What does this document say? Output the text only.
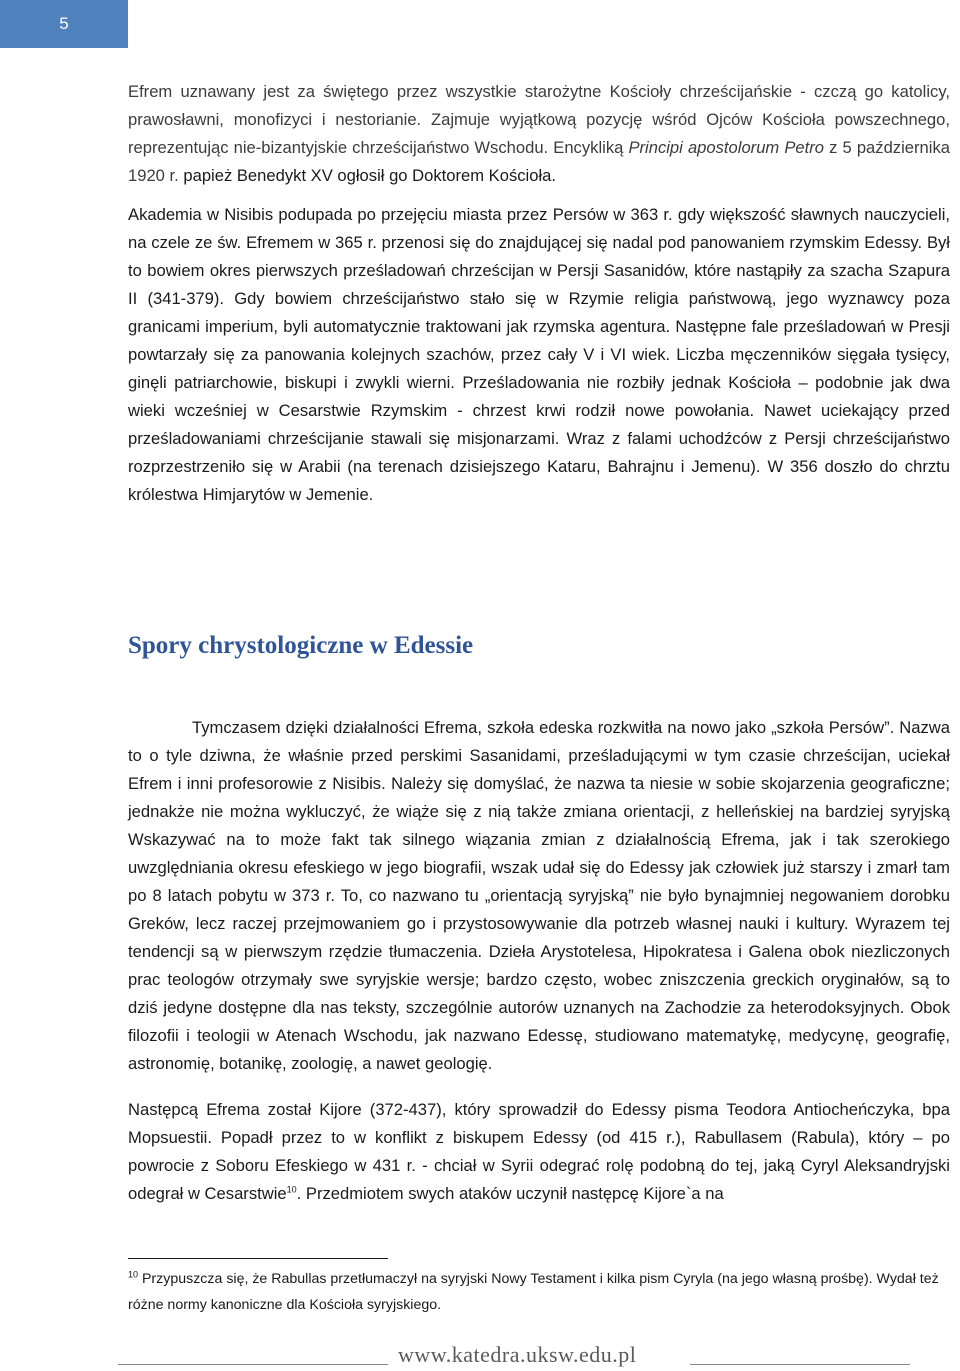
5

Efrem uznawany jest za świętego przez wszystkie starożytne Kościoły chrześcijańskie - czczą go katolicy, prawosławni, monofizyci i nestorianie. Zajmuje wyjątkową pozycję wśród Ojców Kościoła powszechnego, reprezentując nie-bizantyjskie chrześcijaństwo Wschodu. Encykliką Principi apostolorum Petro z 5 października 1920 r. papież Benedykt XV ogłosił go Doktorem Kościoła.

Akademia w Nisibis podupada po przejęciu miasta przez Persów w 363 r. gdy większość sławnych nauczycieli, na czele ze św. Efremem w 365 r. przenosi się do znajdującej się nadal pod panowaniem rzymskim Edessy. Był to bowiem okres pierwszych prześladowań chrześcijan w Persji Sasanidów, które nastąpiły za szacha Szapura II (341-379). Gdy bowiem chrześcijaństwo stało się w Rzymie religia państwową, jego wyznawcy poza granicami imperium, byli automatycznie traktowani jak rzymska agentura. Następne fale prześladowań w Presji powtarzały się za panowania kolejnych szachów, przez cały V i VI wiek. Liczba męczenników sięgała tysięcy, ginęli patriarchowie, biskupi i zwykli wierni. Prześladowania nie rozbiły jednak Kościoła – podobnie jak dwa wieki wcześniej w Cesarstwie Rzymskim - chrzest krwi rodził nowe powołania. Nawet uciekający przed prześladowaniami chrześcijanie stawali się misjonarzami. Wraz z falami uchodźców z Persji chrześcijaństwo rozprzestrzeniło się w Arabii (na terenach dzisiejszego Kataru, Bahrajnu i Jemenu). W 356 doszło do chrztu królestwa Himjarytów w Jemenie.

Spory chrystologiczne w Edessie

Tymczasem dzięki działalności Efrema, szkoła edeska rozkwitła na nowo jako „szkoła Persów”. Nazwa to o tyle dziwna, że właśnie przed perskimi Sasanidami, prześladującymi w tym czasie chrześcijan, uciekał Efrem i inni profesorowie z Nisibis. Należy się domyślać, że nazwa ta niesie w sobie skojarzenia geograficzne; jednakże nie można wykluczyć, że wiąże się z nią także zmiana orientacji, z helleńskiej na bardziej syryjską Wskazywać na to może fakt tak silnego wiązania zmian z działalnością Efrema, jak i tak szerokiego uwzględniania okresu efeskiego w jego biografii, wszak udał się do Edessy jak człowiek już starszy i zmarł tam po 8 latach pobytu w 373 r. To, co nazwano tu „orientacją syryjską” nie było bynajmniej negowaniem dorobku Greków, lecz raczej przejmowaniem go i przystosowywanie dla potrzeb własnej nauki i kultury. Wyrazem tej tendencji są w pierwszym rzędzie tłumaczenia. Dzieła Arystotelesa, Hipokratesa i Galena obok niezliczonych prac teologów otrzymały swe syryjskie wersje; bardzo często, wobec zniszczenia greckich oryginałów, są to dziś jedyne dostępne dla nas teksty, szczególnie autorów uznanych na Zachodzie za heterodoksyjnych. Obok filozofii i teologii w Atenach Wschodu, jak nazwano Edessę, studiowano matematykę, medycynę, geografię, astronomię, botanikę, zoologię, a nawet geologię.

Następcą Efrema został Kijore (372-437), który sprowadził do Edessy pisma Teodora Antiocheńczyka, bpa Mopsuestii. Popadł przez to w konflikt z biskupem Edessy (od 415 r.), Rabullasem (Rabula), który – po powrocie z Soboru Efeskiego w 431 r. - chciał w Syrii odegrać rolę podobną do tej, jaką Cyryl Aleksandryjski odegrał w Cesarstwie$^{10}$. Przedmiotem swych ataków uczynił następcę Kijore`a na

$^{10}$ Przypuszcza się, że Rabullas przetłumaczył na syryjski Nowy Testament i kilka pism Cyryla (na jego własną prośbę). Wydał też różne normy kanoniczne dla Kościoła syryjskiego.
www.katedra.uksw.edu.pl
